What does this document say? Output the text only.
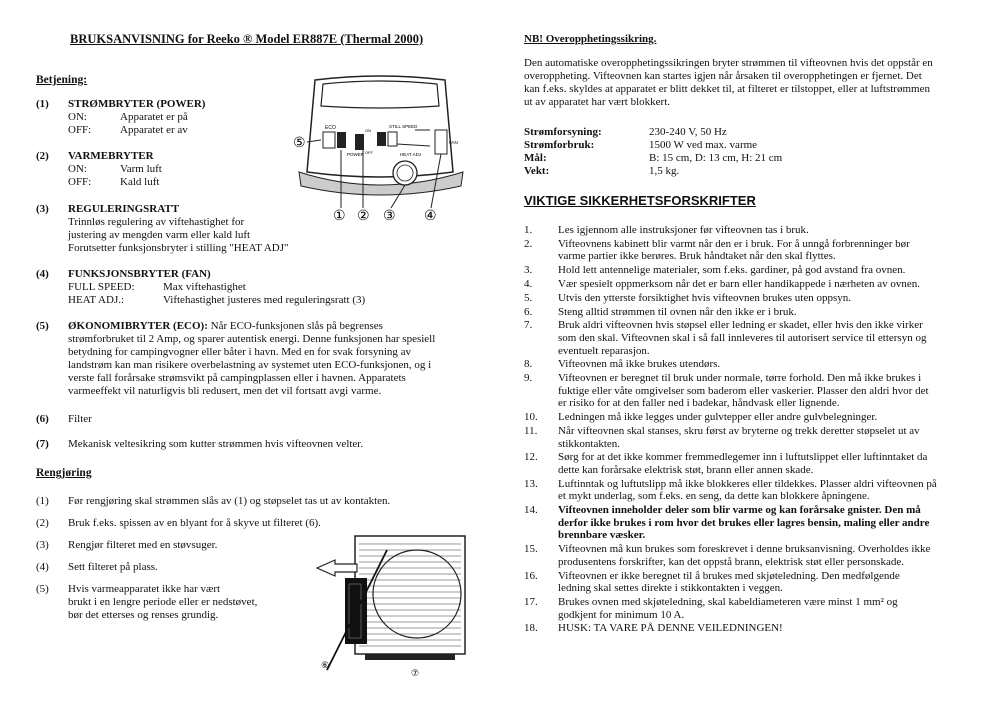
BRUKSANVISNING for Reeko ® Model ER887E (Thermal 2000)
Betjening:
(1)	STRØMBRYTER (POWER)
ON:	Apparatet er på
OFF:	Apparatet er av
(2)	VARMEBRYTER
ON:	Varm luft
OFF:	Kald luft
(3)	REGULERINGSRATT
Trinnløs regulering av viftehastighet for
justering av mengden varm eller kald luft
Forutsetter funksjonsbryter i stilling "HEAT ADJ"
(4)	FUNKSJONSBRYTER (FAN)
FULL SPEED:	Max viftehastighet
HEAT ADJ.:	Viftehastighet justeres med reguleringsratt (3)
(5)	ØKONOMIBRYTER (ECO):
Når ECO-funksjonen slås på begrenses
strømforbruket til 2 Amp, og sparer autentisk energi. Denne funksjonen har spesiell
betydning for campingvogner eller båter i havn. Med en for svak forsyning av
landstrøm kan man risikere overbelastning av systemet uten ECO-funksjonen, og i
verste fall forårsake strømsvikt på campingplassen eller i havnen. Apparatets
varmeeffekt vil naturligvis bli redusert, men det vil fortsatt avgi varme.
(6)	Filter
(7)	Mekanisk veltesikring som kutter strømmen hvis vifteovnen velter.
Rengjøring
(1)	Før rengjøring skal strømmen slås av (1) og støpselet tas ut av kontakten.
(2)	Bruk f.eks. spissen av en blyant for å skyve ut filteret (6).
(3)	Rengjør filteret med en støvsuger.
(4)	Sett filteret på plass.
(5)	Hvis varmeapparatet ikke har vært
brukt i en lengre periode eller er nedstøvet,
bør det etterses og renses grundig.
ECO	STILL SPEED
POWER	HEAT ADJ
FAN
ON
OFF
⑤
① ② ③ ④
⑥
⑦
NB! Overopphetingssikring.
Den automatiske overopphetingssikringen bryter strømmen til vifteovnen hvis det oppstår en
overoppheting. Vifteovnen kan startes igjen når årsaken til overopphetingen er fjernet. Det
kan f.eks. skyldes at apparatet er blitt dekket til, at filteret er tilstoppet, eller at luftstrømmen
ut av apparatet har vært blokkert.
Strømforsyning:	230-240 V, 50 Hz
Strømforbruk:	1500 W ved max. varme
Mål:	B: 15 cm, D: 13 cm, H: 21 cm
Vekt:	1,5 kg.
VIKTIGE SIKKERHETSFORSKRIFTER
1.	Les igjennom alle instruksjoner før vifteovnen tas i bruk.
2.	Vifteovnens kabinett blir varmt når den er i bruk. For å unngå forbrenninger bør
varme partier ikke berøres. Bruk håndtaket når den skal flyttes.
3.	Hold lett antennelige materialer, som f.eks. gardiner, på god avstand fra ovnen.
4.	Vær spesielt oppmerksom når det er barn eller handikappede i nærheten av ovnen.
5.	Utvis den ytterste forsiktighet hvis vifteovnen brukes uten oppsyn.
6.	Steng alltid strømmen til ovnen når den ikke er i bruk.
7.	Bruk aldri vifteovnen hvis støpsel eller ledning er skadet, eller hvis den ikke virker
som den skal. Vifteovnen skal i så fall innleveres til autorisert service til ettersyn og
eventuelt reparasjon.
8.	Vifteovnen må ikke brukes utendørs.
9.	Vifteovnen er beregnet til bruk under normale, tørre forhold. Den må ikke brukes i
fuktige eller våte omgivelser som baderom eller vaskerier. Plasser den aldri hvor det
er risiko for at den faller ned i badekar, håndvask eller lignende.
10.	Ledningen må ikke legges under gulvtepper eller andre gulvbelegninger.
11.	Når vifteovnen skal stanses, skru først av bryterne og trekk deretter støpselet ut av
stikkontakten.
12.	Sørg for at det ikke kommer fremmedlegemer inn i luftutslippet eller luftinntaket da
dette kan forårsake elektrisk støt, brann eller annen skade.
13.	Luftinntak og luftutslipp må ikke blokkeres eller tildekkes. Plasser aldri vifteovnen på
et mykt underlag, som f.eks. en seng, da dette kan blokkere åpningene.
14.	Vifteovnen inneholder deler som blir varme og kan forårsake gnister. Den må
derfor ikke brukes i rom hvor det brukes eller lagres bensin, maling eller andre
brennbare væsker.
15.	Vifteovnen må kun brukes som foreskrevet i denne bruksanvisning. Overholdes ikke
produsentens forskrifter, kan det oppstå brann, elektrisk støt eller personskade.
16.	Vifteovnen er ikke beregnet til å brukes med skjøteledning. Den medfølgende
ledning skal settes direkte i stikkontakten i veggen.
17.	Brukes ovnen med skjøteledning, skal kabeldiameteren være minst 1 mm² og
godkjent for minimum 10 A.
18.	HUSK: TA VARE PÅ DENNE VEILEDNINGEN!
